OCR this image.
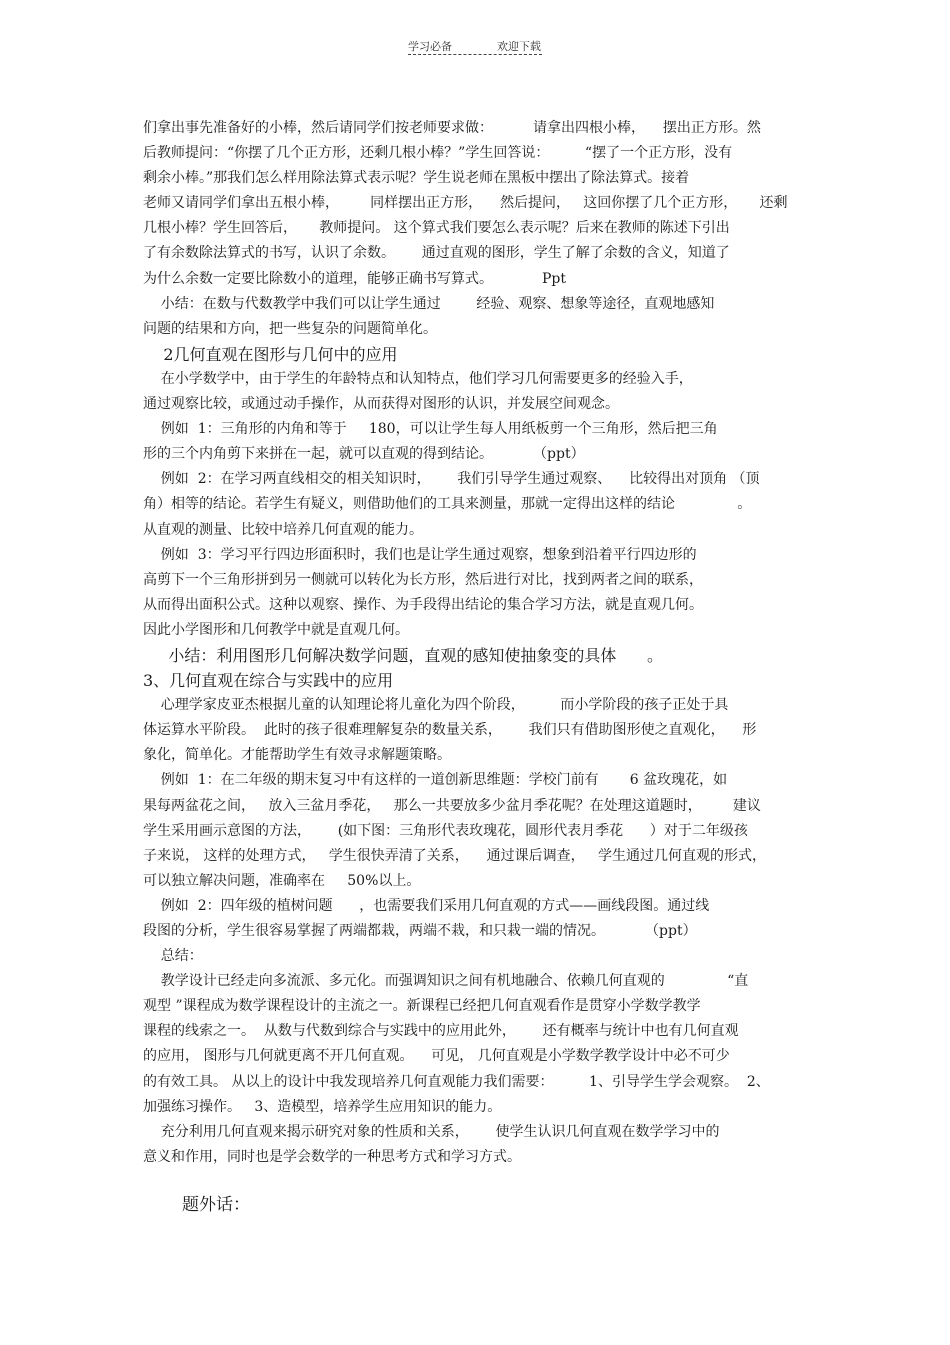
学习必备	欢迎下载
们拿出事先准备好的小棒，然后请同学们按老师要求做：         请拿出四根小棒，    摆出正方形。然
后教师提问：“你摆了几个正方形，还剩几根小棒？”学生回答说：        “摆了一个正方形，没有
剩余小棒。”那我们怎么样用除法算式表示呢？学生说老师在黑板中摆出了除法算式。接着
老师又请同学们拿出五根小棒，       同样摆出正方形，    然后提问，   这回你摆了几个正方形，     还剩
几根小棒？学生回答后，     教师提问。 这个算式我们要怎么表示呢？后来在教师的陈述下引出
了有余数除法算式的书写，认识了余数。      通过直观的图形，学生了解了余数的含义，知道了
为什么余数一定要比除数小的道理，能够正确书写算式。           Ppt
小结：在数与代数教学中我们可以让学生通过        经验、观察、想象等途径，直观地感知
问题的结果和方向，把一些复杂的问题简单化。
2几何直观在图形与几何中的应用
在小学数学中，由于学生的年龄特点和认知特点，他们学习几何需要更多的经验入手，
通过观察比较，或通过动手操作，从而获得对图形的认识，并发展空间观念。
例如  1：三角形的内角和等于     180，可以让学生每人用纸板剪一个三角形，然后把三角
形的三个内角剪下来拼在一起，就可以直观的得到结论。         （ppt）
例如  2：在学习两直线相交的相关知识时，      我们引导学生通过观察、    比较得出对顶角 （顶
角）相等的结论。若学生有疑义，则借助他们的工具来测量，那就一定得出这样的结论              。
从直观的测量、比较中培养几何直观的能力。
例如  3：学习平行四边形面积时，我们也是让学生通过观察，想象到沿着平行四边形的
高剪下一个三角形拼到另一侧就可以转化为长方形，然后进行对比，找到两者之间的联系，
从而得出面积公式。这种以观察、操作、为手段得出结论的集合学习方法，就是直观几何。
因此小学图形和几何教学中就是直观几何。
小结：利用图形几何解决数学问题，直观的感知使抽象变的具体      。
3、几何直观在综合与实践中的应用
心理学家皮亚杰根据儿童的认知理论将儿童化为四个阶段，        而小学阶段的孩子正处于具
体运算水平阶段。  此时的孩子很难理解复杂的数量关系，      我们只有借助图形使之直观化，    形
象化，简单化。才能帮助学生有效寻求解题策略。
例如  1：在二年级的期末复习中有这样的一道创新思维题：学校门前有       6 盆玫瑰花，如
果每两盆花之间，   放入三盆月季花，   那么一共要放多少盆月季花呢？在处理这道题时，       建议
学生采用画示意图的方法，      (如下图：三角形代表玫瑰花，圆形代表月季花      ）对于二年级孩
子来说， 这样的处理方式，   学生很快弄清了关系，    通过课后调查，   学生通过几何直观的形式，
可以独立解决问题，准确率在     50%以上。
例如  2：四年级的植树问题      ，也需要我们采用几何直观的方式——画线段图。通过线
段图的分析，学生很容易掌握了两端都栽，两端不栽，和只栽一端的情况。         （ppt）
总结：
教学设计已经走向多流派、多元化。而强调知识之间有机地融合、依赖几何直观的              “直
观型 ”课程成为数学课程设计的主流之一。新课程已经把几何直观看作是贯穿小学数学教学
课程的线索之一。  从数与代数到综合与实践中的应用此外，      还有概率与统计中也有几何直观
的应用， 图形与几何就更离不开几何直观。    可见， 几何直观是小学数学教学设计中必不可少
的有效工具。 从以上的设计中我发现培养几何直观能力我们需要：        1、引导学生学会观察。  2、
加强练习操作。   3、造模型，培养学生应用知识的能力。
充分利用几何直观来揭示研究对象的性质和关系，      使学生认识几何直观在数学学习中的
意义和作用，同时也是学会数学的一种思考方式和学习方式。
题外话：
